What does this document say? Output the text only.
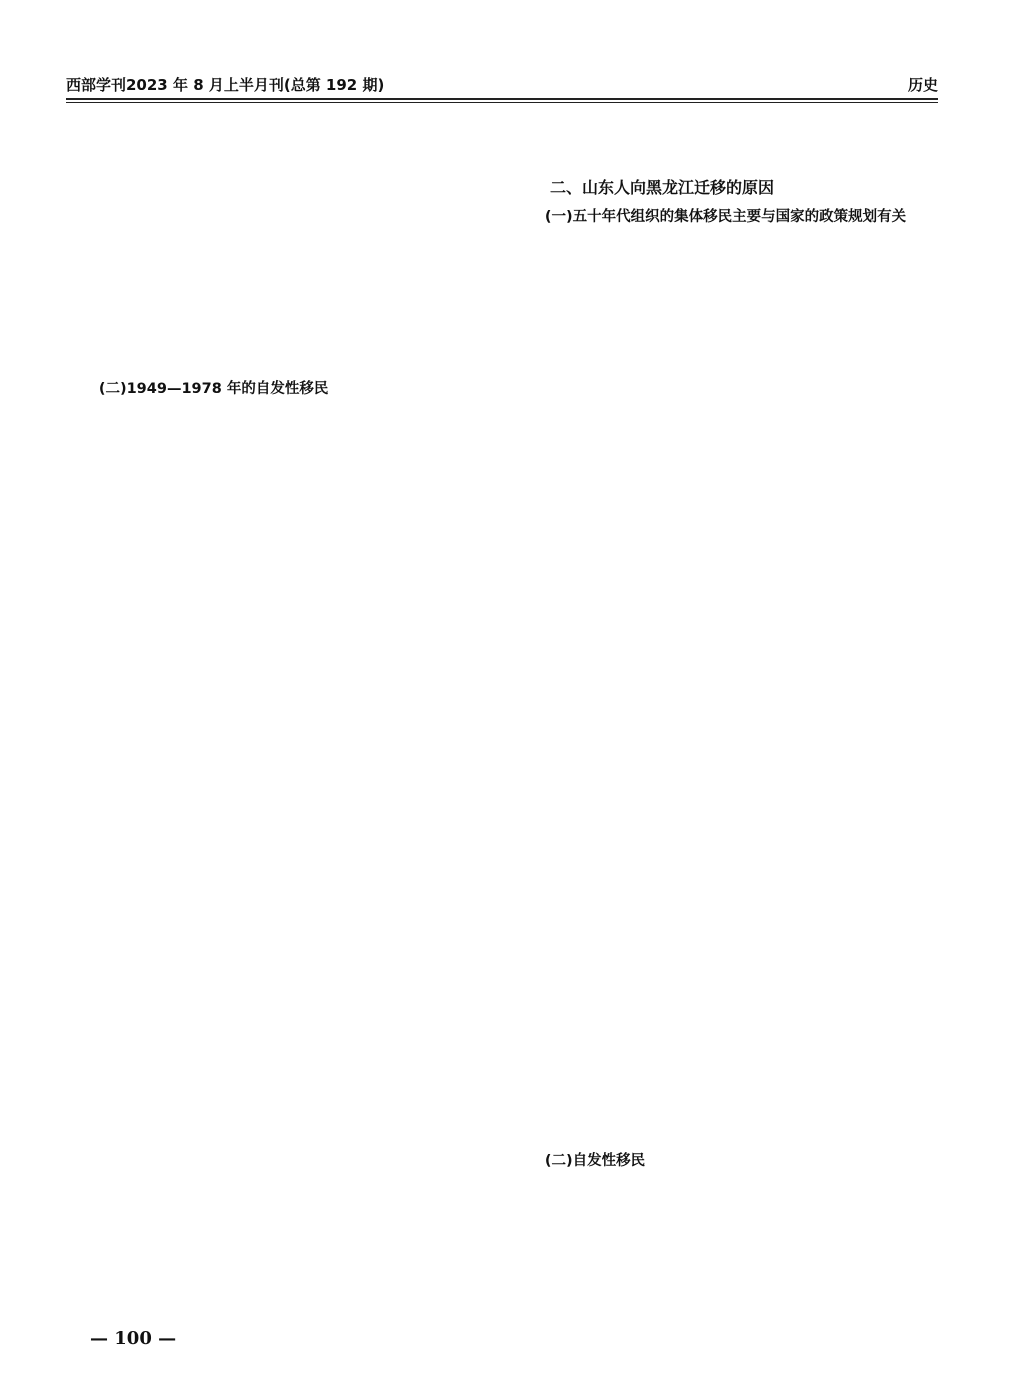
西部学刊2023 年 8 月上半月刊(总第 192 期)	历史
(二)1949—1978 年的自发性移民
二、山东人向黑龙江迁移的原因
(一)五十年代组织的集体移民主要与国家的政策规划有关
(二)自发性移民
— 100 —
